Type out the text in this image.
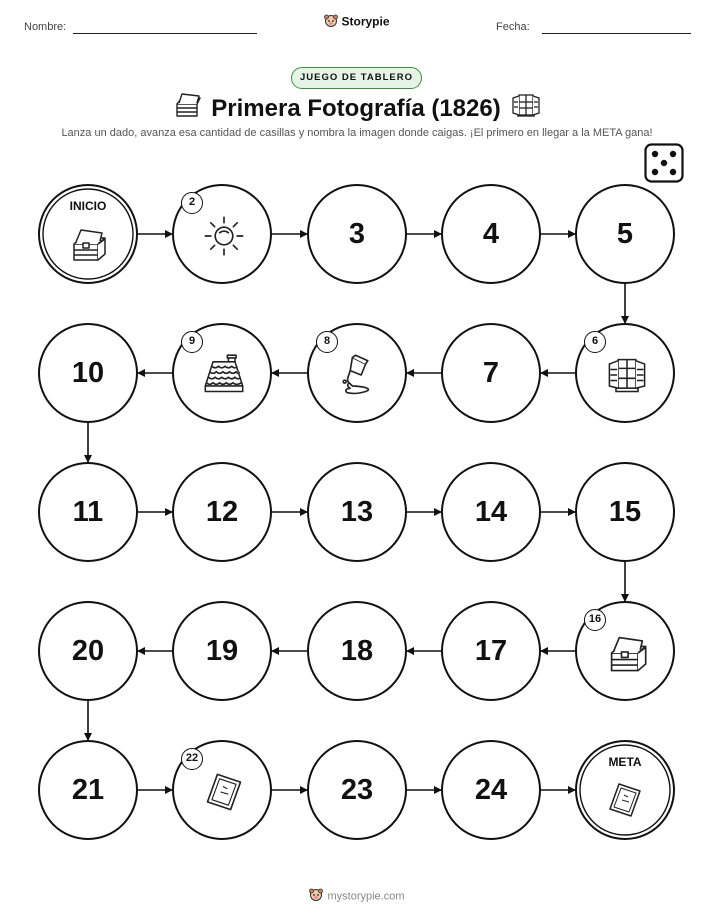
Nombre:	Fecha:
Storypie
JUEGO DE TABLERO
Primera Fotografía (1826)
Lanza un dado, avanza esa cantidad de casillas y nombra la imagen donde caigas. ¡El primero en llegar a la META gana!
INICIO	2
3	4	5
6
7
8
9
10
11	12	13	14	15
16
17
18
19
20
21
22
23	24
META
mystorypie.com
